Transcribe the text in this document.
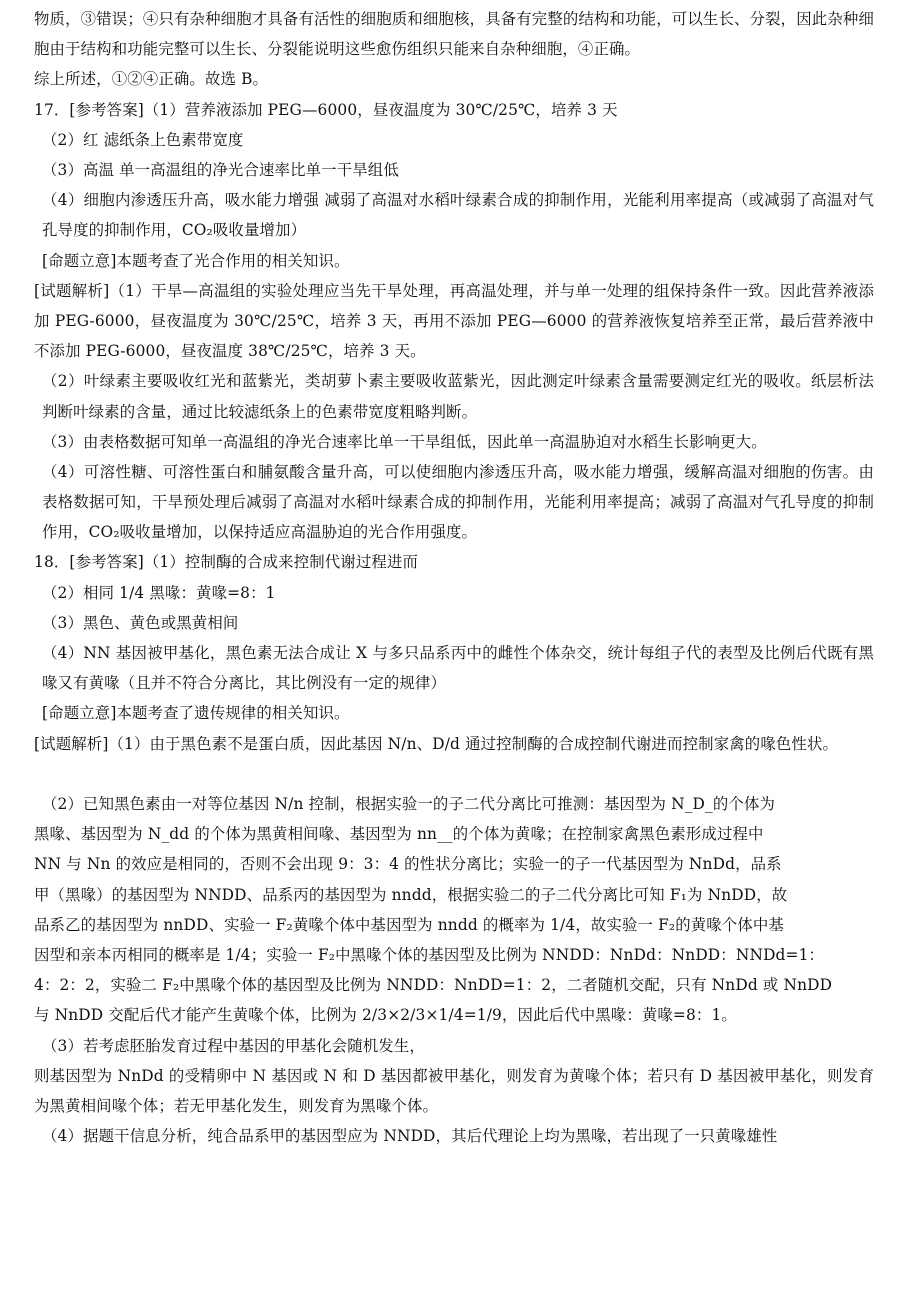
物质，③错误；④只有杂种细胞才具备有活性的细胞质和细胞核，具备有完整的结构和功能，可以生长、分裂，因此杂种细胞由于结构和功能完整可以生长、分裂能说明这些愈伤组织只能来自杂种细胞，④正确。
综上所述，①②④正确。故选 B。
17．[参考答案]（1）营养液添加 PEG—6000，昼夜温度为 30℃/25℃，培养 3 天
（2）红 滤纸条上色素带宽度
（3）高温 单一高温组的净光合速率比单一干旱组低
（4）细胞内渗透压升高，吸水能力增强 减弱了高温对水稻叶绿素合成的抑制作用，光能利用率提高（或减弱了高温对气孔导度的抑制作用，CO₂吸收量增加）
[命题立意]本题考查了光合作用的相关知识。
[试题解析]（1）干旱—高温组的实验处理应当先干旱处理，再高温处理，并与单一处理的组保持条件一致。因此营养液添加 PEG-6000，昼夜温度为 30℃/25℃，培养 3 天，再用不添加 PEG—6000 的营养液恢复培养至正常，最后营养液中不添加 PEG-6000，昼夜温度 38℃/25℃，培养 3 天。
（2）叶绿素主要吸收红光和蓝紫光，类胡萝卜素主要吸收蓝紫光，因此测定叶绿素含量需要测定红光的吸收。纸层析法判断叶绿素的含量，通过比较滤纸条上的色素带宽度粗略判断。
（3）由表格数据可知单一高温组的净光合速率比单一干旱组低，因此单一高温胁迫对水稻生长影响更大。
（4）可溶性糖、可溶性蛋白和脯氨酸含量升高，可以使细胞内渗透压升高，吸水能力增强，缓解高温对细胞的伤害。由表格数据可知，干旱预处理后减弱了高温对水稻叶绿素合成的抑制作用，光能利用率提高；减弱了高温对气孔导度的抑制作用，CO₂吸收量增加，以保持适应高温胁迫的光合作用强度。
18．[参考答案]（1）控制酶的合成来控制代谢过程进而
（2）相同 1/4 黑喙：黄喙=8：1
（3）黑色、黄色或黑黄相间
（4）NN 基因被甲基化，黑色素无法合成让 X 与多只品系丙中的雌性个体杂交，统计每组子代的表型及比例后代既有黑喙又有黄喙（且并不符合分离比，其比例没有一定的规律）
[命题立意]本题考查了遗传规律的相关知识。
[试题解析]（1）由于黑色素不是蛋白质，因此基因 N/n、D/d 通过控制酶的合成控制代谢进而控制家禽的喙色性状。
（2）已知黑色素由一对等位基因 N/n 控制，根据实验一的子二代分离比可推测：基因型为 N_D_的个体为
黑喙、基因型为 N_dd 的个体为黑黄相间喙、基因型为 nn__的个体为黄喙；在控制家禽黑色素形成过程中
NN 与 Nn 的效应是相同的，否则不会出现 9：3：4 的性状分离比；实验一的子一代基因型为 NnDd，品系
甲（黑喙）的基因型为 NNDD、品系丙的基因型为 nndd，根据实验二的子二代分离比可知 F₁为 NnDD，故
品系乙的基因型为 nnDD、实验一 F₂黄喙个体中基因型为 nndd 的概率为 1/4，故实验一 F₂的黄喙个体中基
因型和亲本丙相同的概率是 1/4；实验一 F₂中黑喙个体的基因型及比例为 NNDD：NnDd：NnDD：NNDd=1：
4：2：2，实验二 F₂中黑喙个体的基因型及比例为 NNDD：NnDD=1：2，二者随机交配，只有 NnDd 或 NnDD
与 NnDD 交配后代才能产生黄喙个体，比例为 2/3×2/3×1/4=1/9，因此后代中黑喙：黄喙=8：1。
（3）若考虑胚胎发育过程中基因的甲基化会随机发生，
则基因型为 NnDd 的受精卵中 N 基因或 N 和 D 基因都被甲基化，则发育为黄喙个体；若只有 D 基因被甲基化，则发育为黑黄相间喙个体；若无甲基化发生，则发育为黑喙个体。
（4）据题干信息分析，纯合品系甲的基因型应为 NNDD，其后代理论上均为黑喙，若出现了一只黄喙雄性
